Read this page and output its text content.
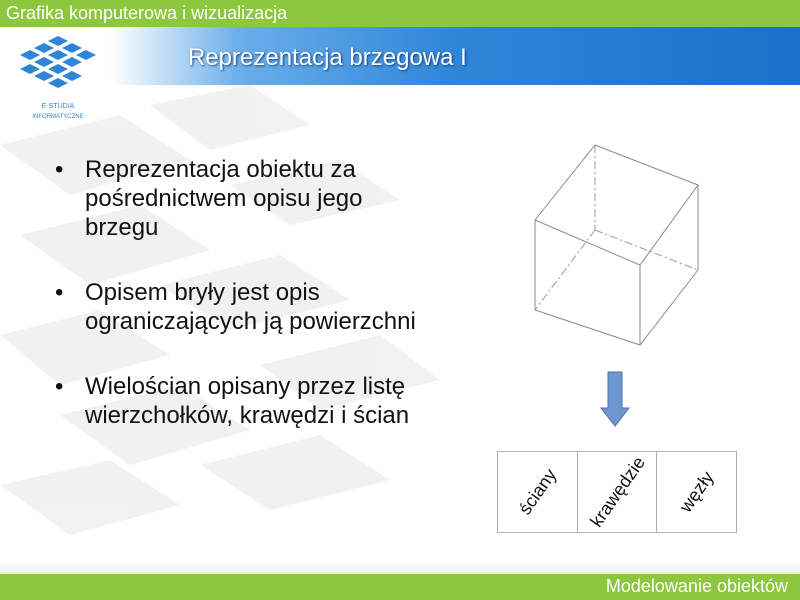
Grafika komputerowa i wizualizacja
Reprezentacja brzegowa I
E-STUDIA
INFORMATYCZNE
• Reprezentacja obiektu za pośrednictwem opisu jego brzegu
• Opisem bryły jest opis ograniczających ją powierzchni
• Wielościan opisany przez listę wierzchołków, krawędzi i ścian
ściany krawędzie węzły
Modelowanie obiektów
